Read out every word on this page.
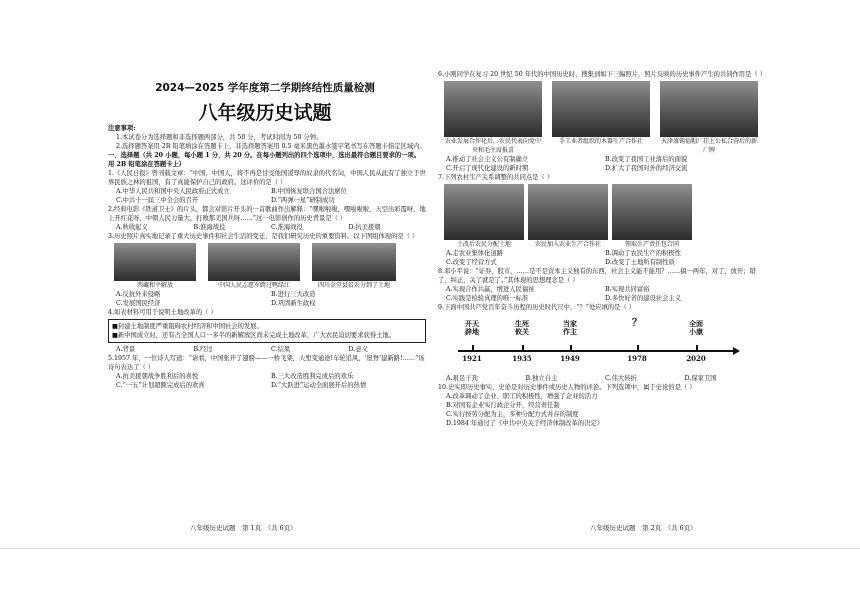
2024—2025 学年度第二学期终结性质量检测
八年级历史试题
注意事项:
1.本试卷分为选择题和非选择题两部分，共 50 分，考试时间为 50 分钟。
2.选择题答案用 2B 铅笔填涂在答题卡上，非选择题答案用 0.5 毫米黑色墨水签字笔书写在答题卡指定区域内。
一、选择题（共 20 小题，每小题 1 分，共 20 分。在每小题列出的四个选项中，选出最符合题目要求的一项。用 2B 铅笔涂在答题卡上）
1.《人民日报》曾刊载文章：“中国，中国人，将不再是甘受他国凌辱的奴隶的代名词，中国人民从此有了独立于世界民族之林的祖国，有了真能保护自己的政府。这评价的是（ ）
A.中华人民共和国中央人民政府正式成立	B.中国恢复联合国合法席位
C.中共十一届三中全会的召开	D.“两弹一星”研制成功
2.经典电影《铁道卫士》的片头，都会对影片开头的一首歌曲作出解释：“嘿啦啦啦，嘿啦啦啦，天空出彩霞呀，地上开红花呀，中朝人民力量大，打败那美国兵呀……”这一电影创作的历史背景是（ ）
A.秋收起义	B.淮海战役	C.淮海战役	D.抗美援朝
3.历史照片真实地记录了重大历史事件和社会生活的变迁，是我们研究历史的重要资料。以下图组体现的是（ ）
西藏和平解放	中国人民志愿军跨过鸭绿江	四川金堂县贫农分到了土地
A.反抗外来侵略	B.进行三大改造
C.发展国民经济	D.巩固新生政权
4.如表材料可用于说明土地改革的（ ）
■封建土地制度严重阻碍农村经济和中国社会的发展。
■新中国成立时，还有占全国人口一多半的新解放区尚未完成土地改革，广大农民迫切要求获得土地。
A.背景	B.经过	C.结果	D.意义
5.1957 年，一位诗人写道：“请看，中国张开了翅膀——一桥飞架，天堑变通途!车轮追风，‘屋脊’建新路!……”该诗句表达了（ ）
A.抗美援朝战争胜利后的喜悦	B.三大改造胜利完成后的欢乐
C.“一五”计划超额完成后的欢喜	D.“大跃进”运动全面展开后的热情
八年级历史试题　第 1页　（共 6页）
6.小刚同学在复习 20 世纪 50 年代的中国历史时，搜集到如下三幅照片，照片反映的历史事件产生的共同作用是（ ）
农业发展合作化后，农民代表向党中央和毛主席报喜
手工业者组织的木器生产合作社	天津盛锡福帽厂挂上公私合营后的新厂牌
A.推动了社会主义公有制确立	B.改变了我国工业落后的面貌
C.开启了现代化建设的新时期	D.扩大了我国对外的经济交流
7.下列农村生产关系调整的共同点是（ ）
土改后农民分配土地	农民加入农业生产合作社	领取生产责任包合同
A.走农业集体化道路	B.调动了农民生产的积极性
C.改变了经营方式	D.改变了土地所有制性质
8.邓小平说：“证券、股市，……是不是资本主义独有的东西，社会主义能不能用？……搞一两年，对了，放开；错了，纠正，关了就是了。”其体现的思想理念是（ ）
A.实现合作共赢，增进人民福祉	B.实现共同富裕
C.实践是检验真理的唯一标准	D.多快好省的建设社会主义
9.下面中国共产党百年奋斗历程的历史时代尺中，“？”处应填的是（ ）
开天
辟地
生死
攸关
当家
作主
？	全面
小康
1921	1935	1949	1978	2020
A.艰足干劲	B.独立自主	C.伟大转折	D.保家卫国
10.史实即历史事实，史论是对历史事件或历史人物的评论。下列选项中，属于史论的是（ ）
A.改革调动了企业、职工的积极性，增强了企业的活力
B.对国有企业实行政企分开，经营责任制
C.实行按劳分配为主，多种分配方式并存的制度
D.1984 年通过了《中共中央关于经济体制改革的决定》
八年级历史试题　第 2页　（共 6页）
